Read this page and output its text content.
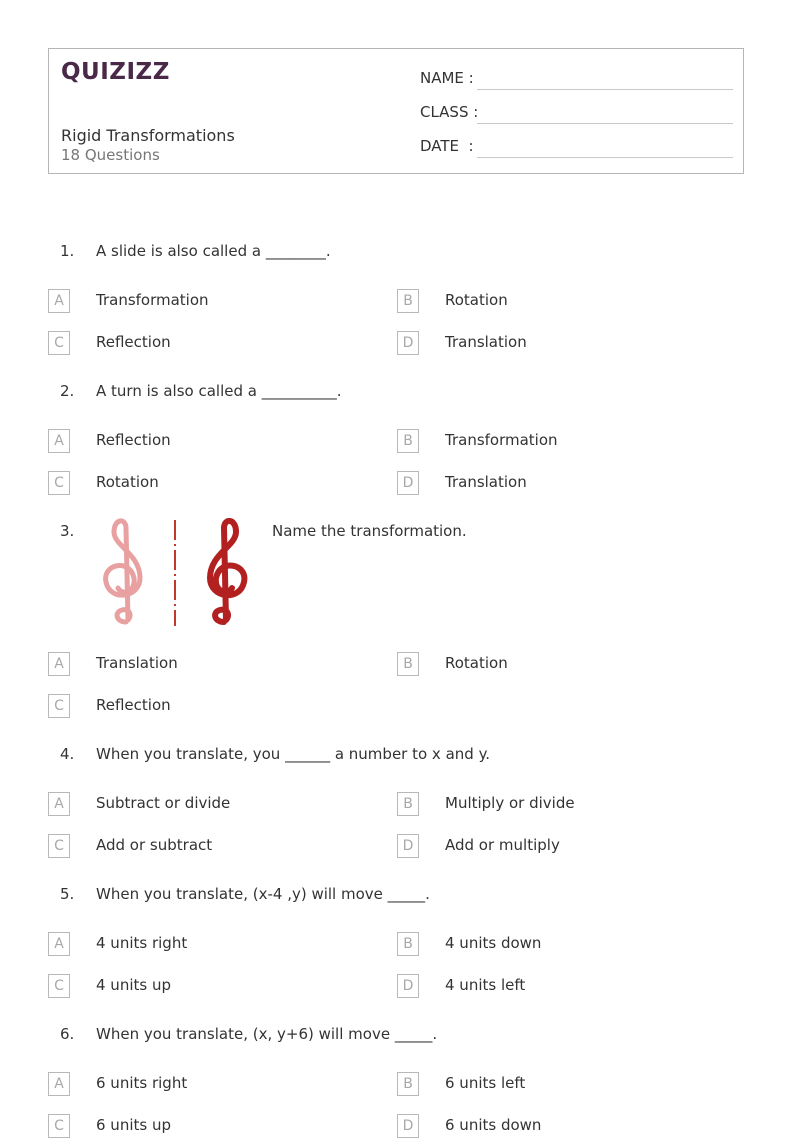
QUIZIZZ
Rigid Transformations
18 Questions
NAME :
CLASS :
DATE  :
1. A slide is also called a ________.
A	Transformation	B	Rotation
C	Reflection	D	Translation
2. A turn is also called a __________.
A	Reflection	B	Transformation
C	Rotation	D	Translation
3.	Name the transformation.
A	Translation	B	Rotation
C	Reflection
4. When you translate, you ______ a number to x and y.
A	Subtract or divide	B	Multiply or divide
C	Add or subtract	D	Add or multiply
5. When you translate, (x-4 ,y) will move _____.
A	4 units right	B	4 units down
C	4 units up	D	4 units left
6. When you translate, (x, y+6) will move _____.
A	6 units right	B	6 units left
C	6 units up	D	6 units down
